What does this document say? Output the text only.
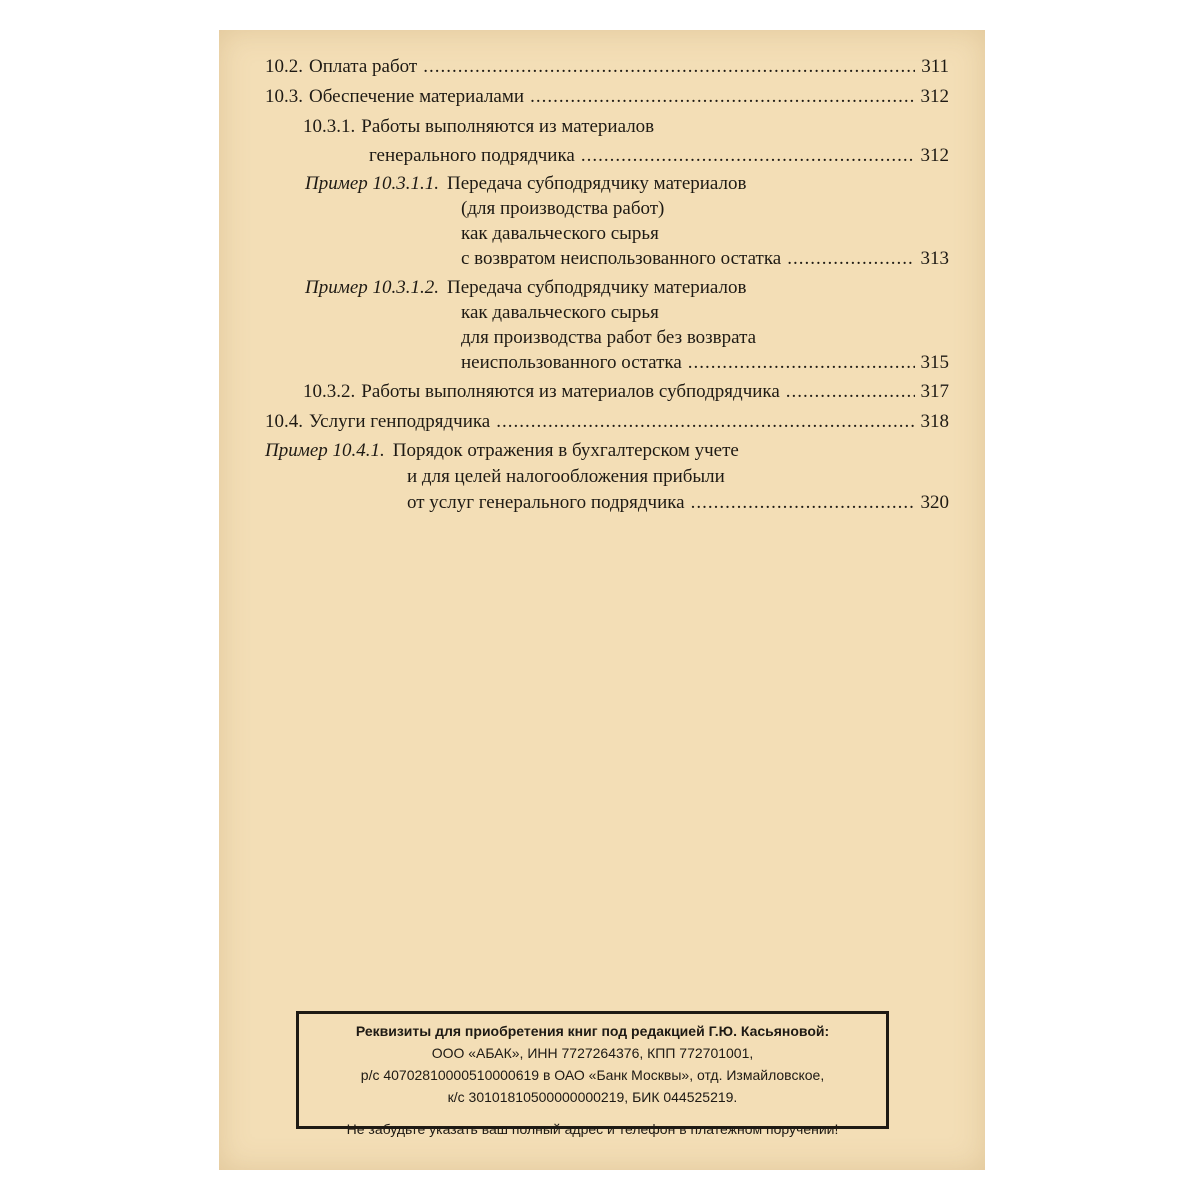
10.2. Оплата работ .....	311
10.3. Обеспечение материалами .....	312
10.3.1. Работы выполняются из материалов
генерального подрядчика .....	312
Пример 10.3.1.1. Передача субподрядчику материалов
(для производства работ)
как давальческого сырья
с возвратом неиспользованного остатка .....	313
Пример 10.3.1.2. Передача субподрядчику материалов
как давальческого сырья
для производства работ без возврата
неиспользованного остатка .....	315
10.3.2. Работы выполняются из материалов субподрядчика .....	317
10.4. Услуги генподрядчика .....	318
Пример 10.4.1. Порядок отражения в бухгалтерском учете
и для целей налогообложения прибыли
от услуг генерального подрядчика .....	320
Реквизиты для приобретения книг под редакцией Г.Ю. Касьяновой:
ООО «АБАК», ИНН 7727264376, КПП 772701001,
р/с 40702810000510000619 в ОАО «Банк Москвы», отд. Измайловское,
к/с 30101810500000000219, БИК 044525219.
Не забудьте указать ваш полный адрес и телефон в платежном поручении!
